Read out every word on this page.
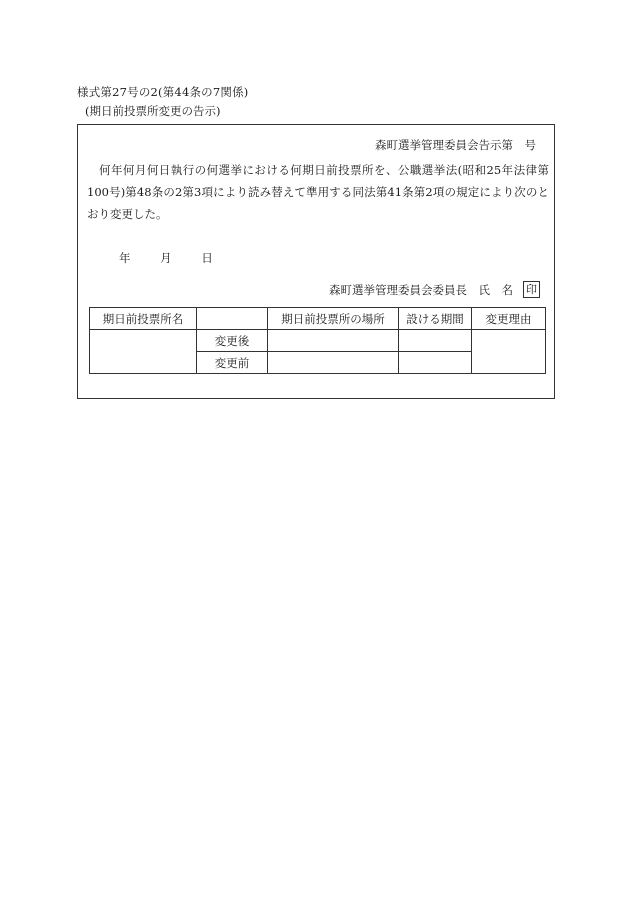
様式第27号の2(第44条の7関係)
(期日前投票所変更の告示)
森町選挙管理委員会告示第　号
何年何月何日執行の何選挙における何期日前投票所を、公職選挙法(昭和25年法律第100号)第48条の2第3項により読み替えて準用する同法第41条第2項の規定により次のとおり変更した。
年	月	日
森町選挙管理委員会委員長　氏　名 印
期日前投票所名		期日前投票所の場所	設ける期間	変更理由
	変更後			
	変更前			
